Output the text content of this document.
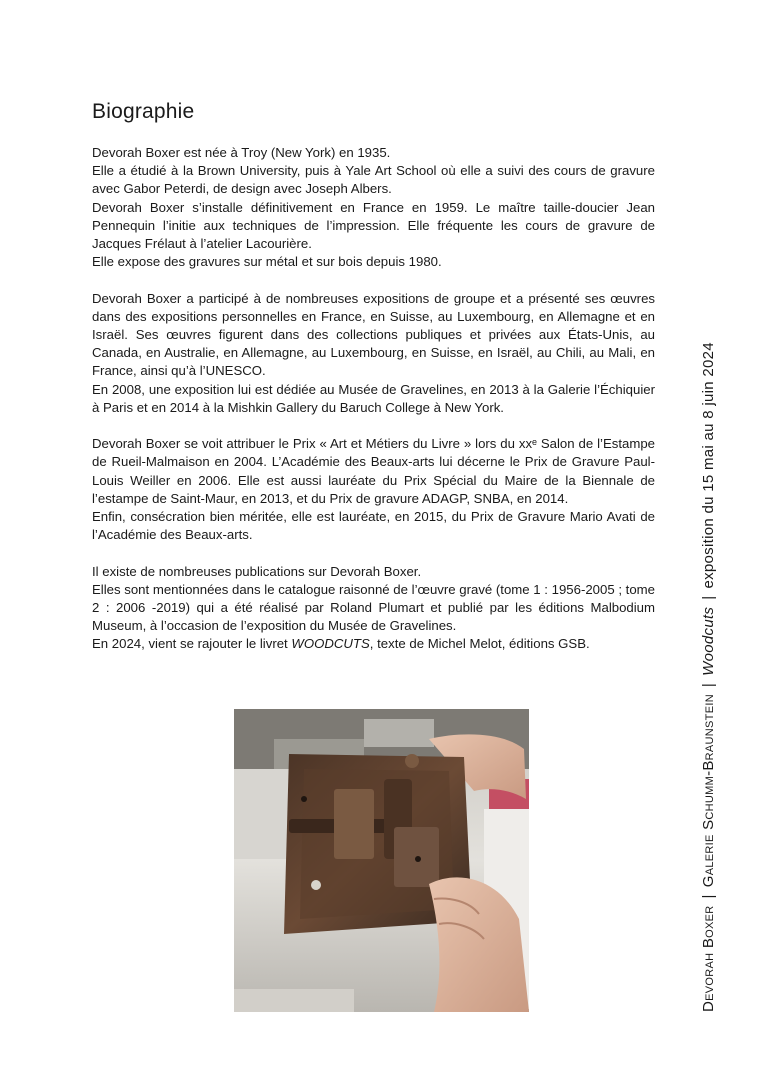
Biographie

Devorah Boxer est née à Troy (New York) en 1935.
Elle a étudié à la Brown University, puis à Yale Art School où elle a suivi des cours de gravure avec Gabor Peterdi, de design avec Joseph Albers.
Devorah Boxer s’installe définitivement en France en 1959. Le maître taille-doucier Jean Pennequin l’initie aux techniques de l’impression. Elle fréquente les cours de gravure de Jacques Frélaut à l’atelier Lacourière.
Elle expose des gravures sur métal et sur bois depuis 1980.

Devorah Boxer a participé à de nombreuses expositions de groupe et a présenté ses œuvres dans des expositions personnelles en France, en Suisse, au Luxembourg, en Allemagne et en Israël. Ses œuvres figurent dans des collections publiques et privées aux États-Unis, au Canada, en Australie, en Allemagne, au Luxembourg, en Suisse, en Israël, au Chili, au Mali, en France, ainsi qu’à l’UNESCO.
En 2008, une exposition lui est dédiée au Musée de Gravelines, en 2013 à la Galerie l’Échiquier à Paris et en 2014 à la Mishkin Gallery du Baruch College à New York.

Devorah Boxer se voit attribuer le Prix « Art et Métiers du Livre » lors du xxᵉ Salon de l’Estampe de Rueil-Malmaison en 2004. L’Académie des Beaux-arts lui décerne le Prix de Gravure Paul-Louis Weiller en 2006. Elle est aussi lauréate du Prix Spécial du Maire de la Biennale de l’estampe de Saint-Maur, en 2013, et du Prix de gravure ADAGP, SNBA, en 2014.
Enfin, consécration bien méritée, elle est lauréate, en 2015, du Prix de Gravure Mario Avati de l’Académie des Beaux-arts.

Il existe de nombreuses publications sur Devorah Boxer.
Elles sont mentionnées dans le catalogue raisonné de l’œuvre gravé (tome 1 : 1956-2005 ; tome 2 : 2006 -2019) qui a été réalisé par Roland Plumart et publié par les éditions Malbodium Museum, à l’occasion de l’exposition du Musée de Gravelines.
En 2024, vient se rajouter le livret WOODCUTS, texte de Michel Melot, éditions GSB.

Devorah Boxer|Galerie Schumm-Braunstein|Woodcuts|exposition du 15 mai au 8 juin 2024
